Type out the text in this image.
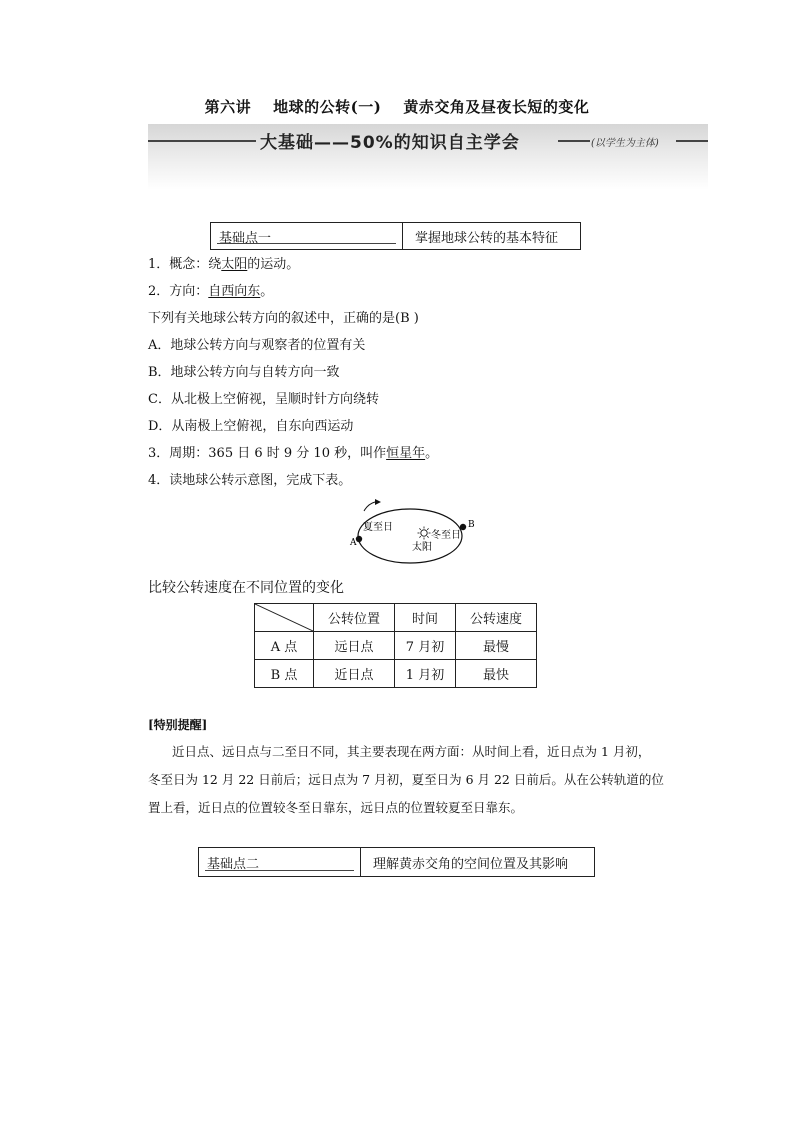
第六讲 地球的公转(一) 黄赤交角及昼夜长短的变化
大基础——50%的知识自主学会	(以学生为主体)
基础点一	掌握地球公转的基本特征
1．概念：绕太阳的运动。
2．方向：自西向东。
下列有关地球公转方向的叙述中，正确的是(B )
A．地球公转方向与观察者的位置有关
B．地球公转方向与自转方向一致
C．从北极上空俯视，呈顺时针方向绕转
D．从南极上空俯视，自东向西运动
3．周期：365 日 6 时 9 分 10 秒，叫作恒星年。
4．读地球公转示意图，完成下表。
A
B
夏至日
冬至日
太阳
比较公转速度在不同位置的变化
	公转位置	时间	公转速度
A 点	远日点	7 月初	最慢
B 点	近日点	1 月初	最快
[特别提醒]
近日点、远日点与二至日不同，其主要表现在两方面：从时间上看，近日点为 1 月初，
冬至日为 12 月 22 日前后；远日点为 7 月初，夏至日为 6 月 22 日前后。从在公转轨道的位
置上看，近日点的位置较冬至日靠东，远日点的位置较夏至日靠东。
基础点二	理解黄赤交角的空间位置及其影响
